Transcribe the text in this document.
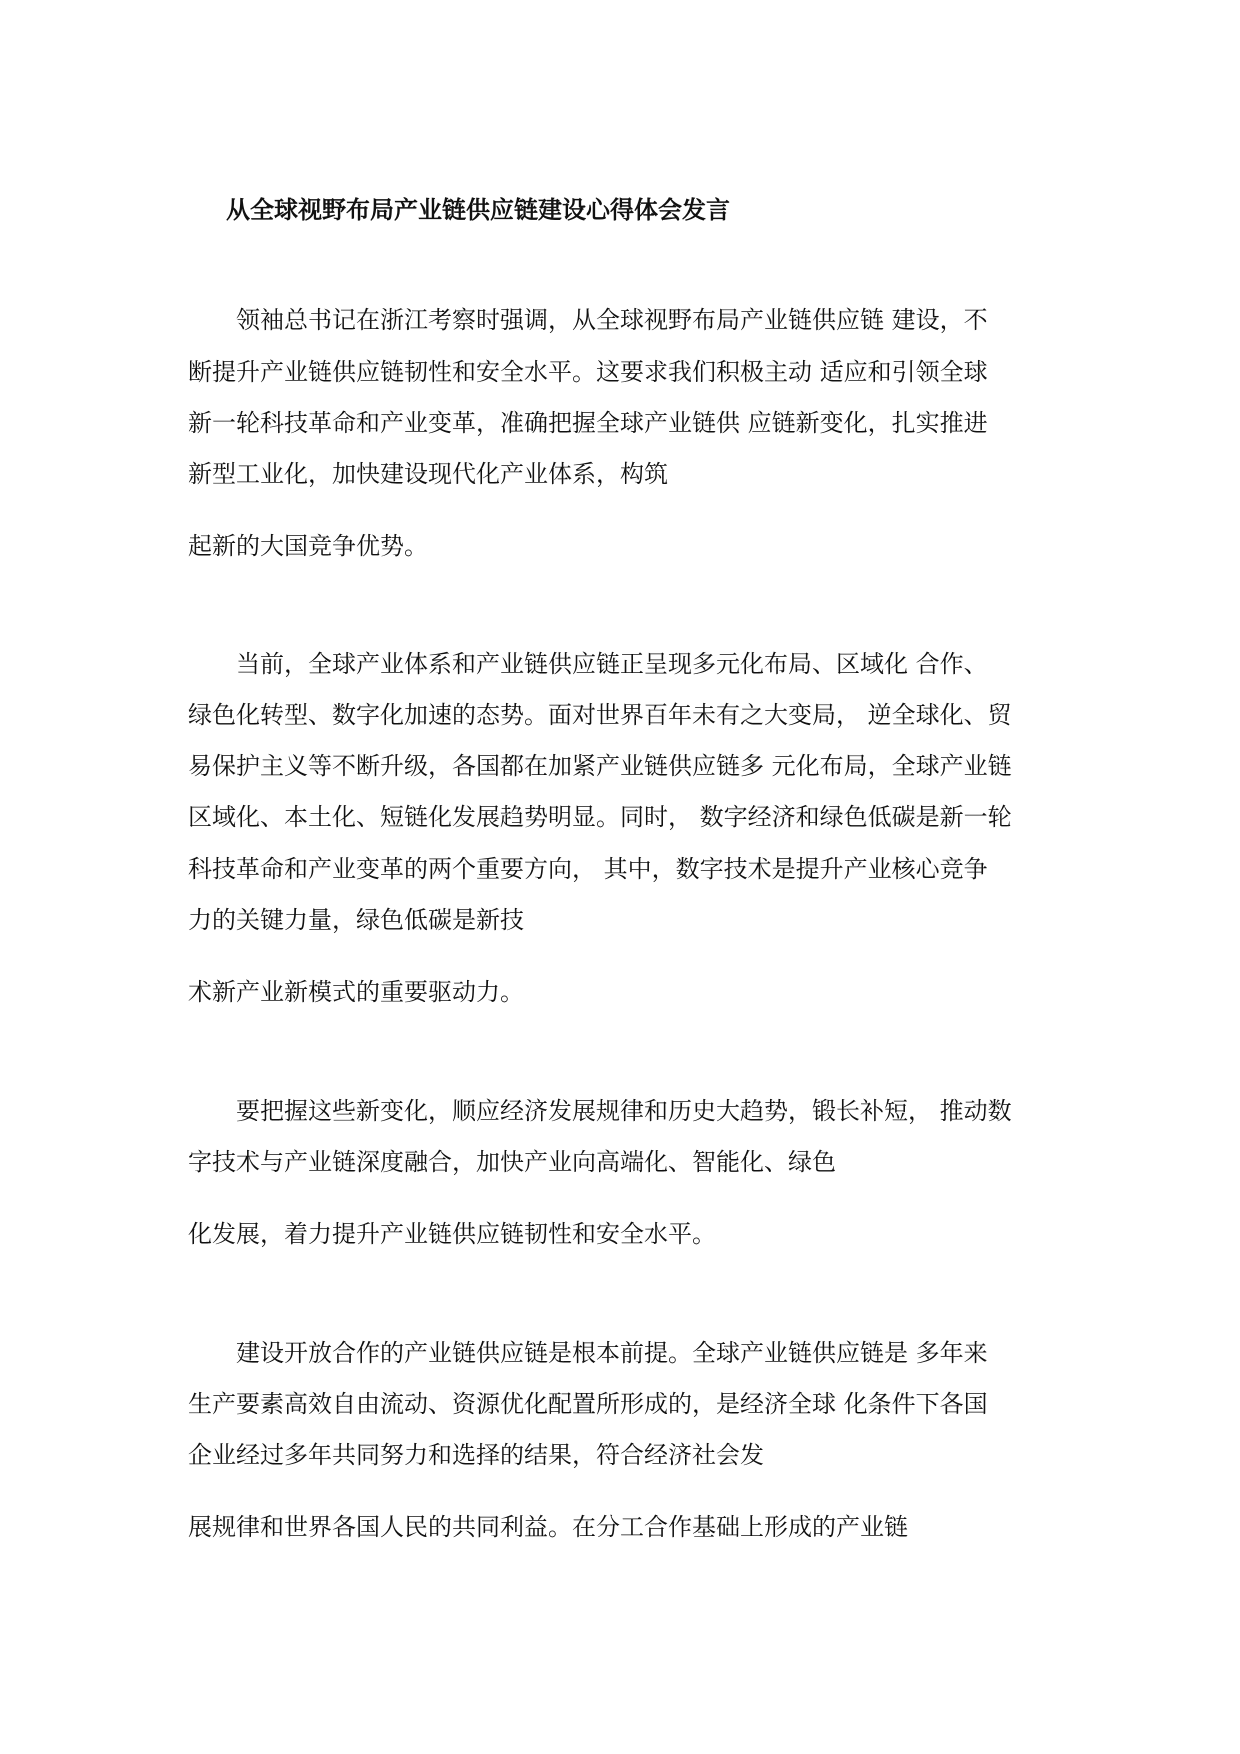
从全球视野布局产业链供应链建设心得体会发言
领袖总书记在浙江考察时强调，从全球视野布局产业链供应链 建设，不
断提升产业链供应链韧性和安全水平。这要求我们积极主动 适应和引领全球
新一轮科技革命和产业变革，准确把握全球产业链供 应链新变化，扎实推进
新型工业化，加快建设现代化产业体系，构筑
起新的大国竞争优势。
当前，全球产业体系和产业链供应链正呈现多元化布局、区域化 合作、
绿色化转型、数字化加速的态势。面对世界百年未有之大变局， 逆全球化、贸
易保护主义等不断升级，各国都在加紧产业链供应链多 元化布局，全球产业链
区域化、本土化、短链化发展趋势明显。同时， 数字经济和绿色低碳是新一轮
科技革命和产业变革的两个重要方向， 其中，数字技术是提升产业核心竞争
力的关键力量，绿色低碳是新技
术新产业新模式的重要驱动力。
要把握这些新变化，顺应经济发展规律和历史大趋势，锻长补短， 推动数
字技术与产业链深度融合，加快产业向高端化、智能化、绿色
化发展，着力提升产业链供应链韧性和安全水平。
建设开放合作的产业链供应链是根本前提。全球产业链供应链是 多年来
生产要素高效自由流动、资源优化配置所形成的，是经济全球 化条件下各国
企业经过多年共同努力和选择的结果，符合经济社会发
展规律和世界各国人民的共同利益。在分工合作基础上形成的产业链
